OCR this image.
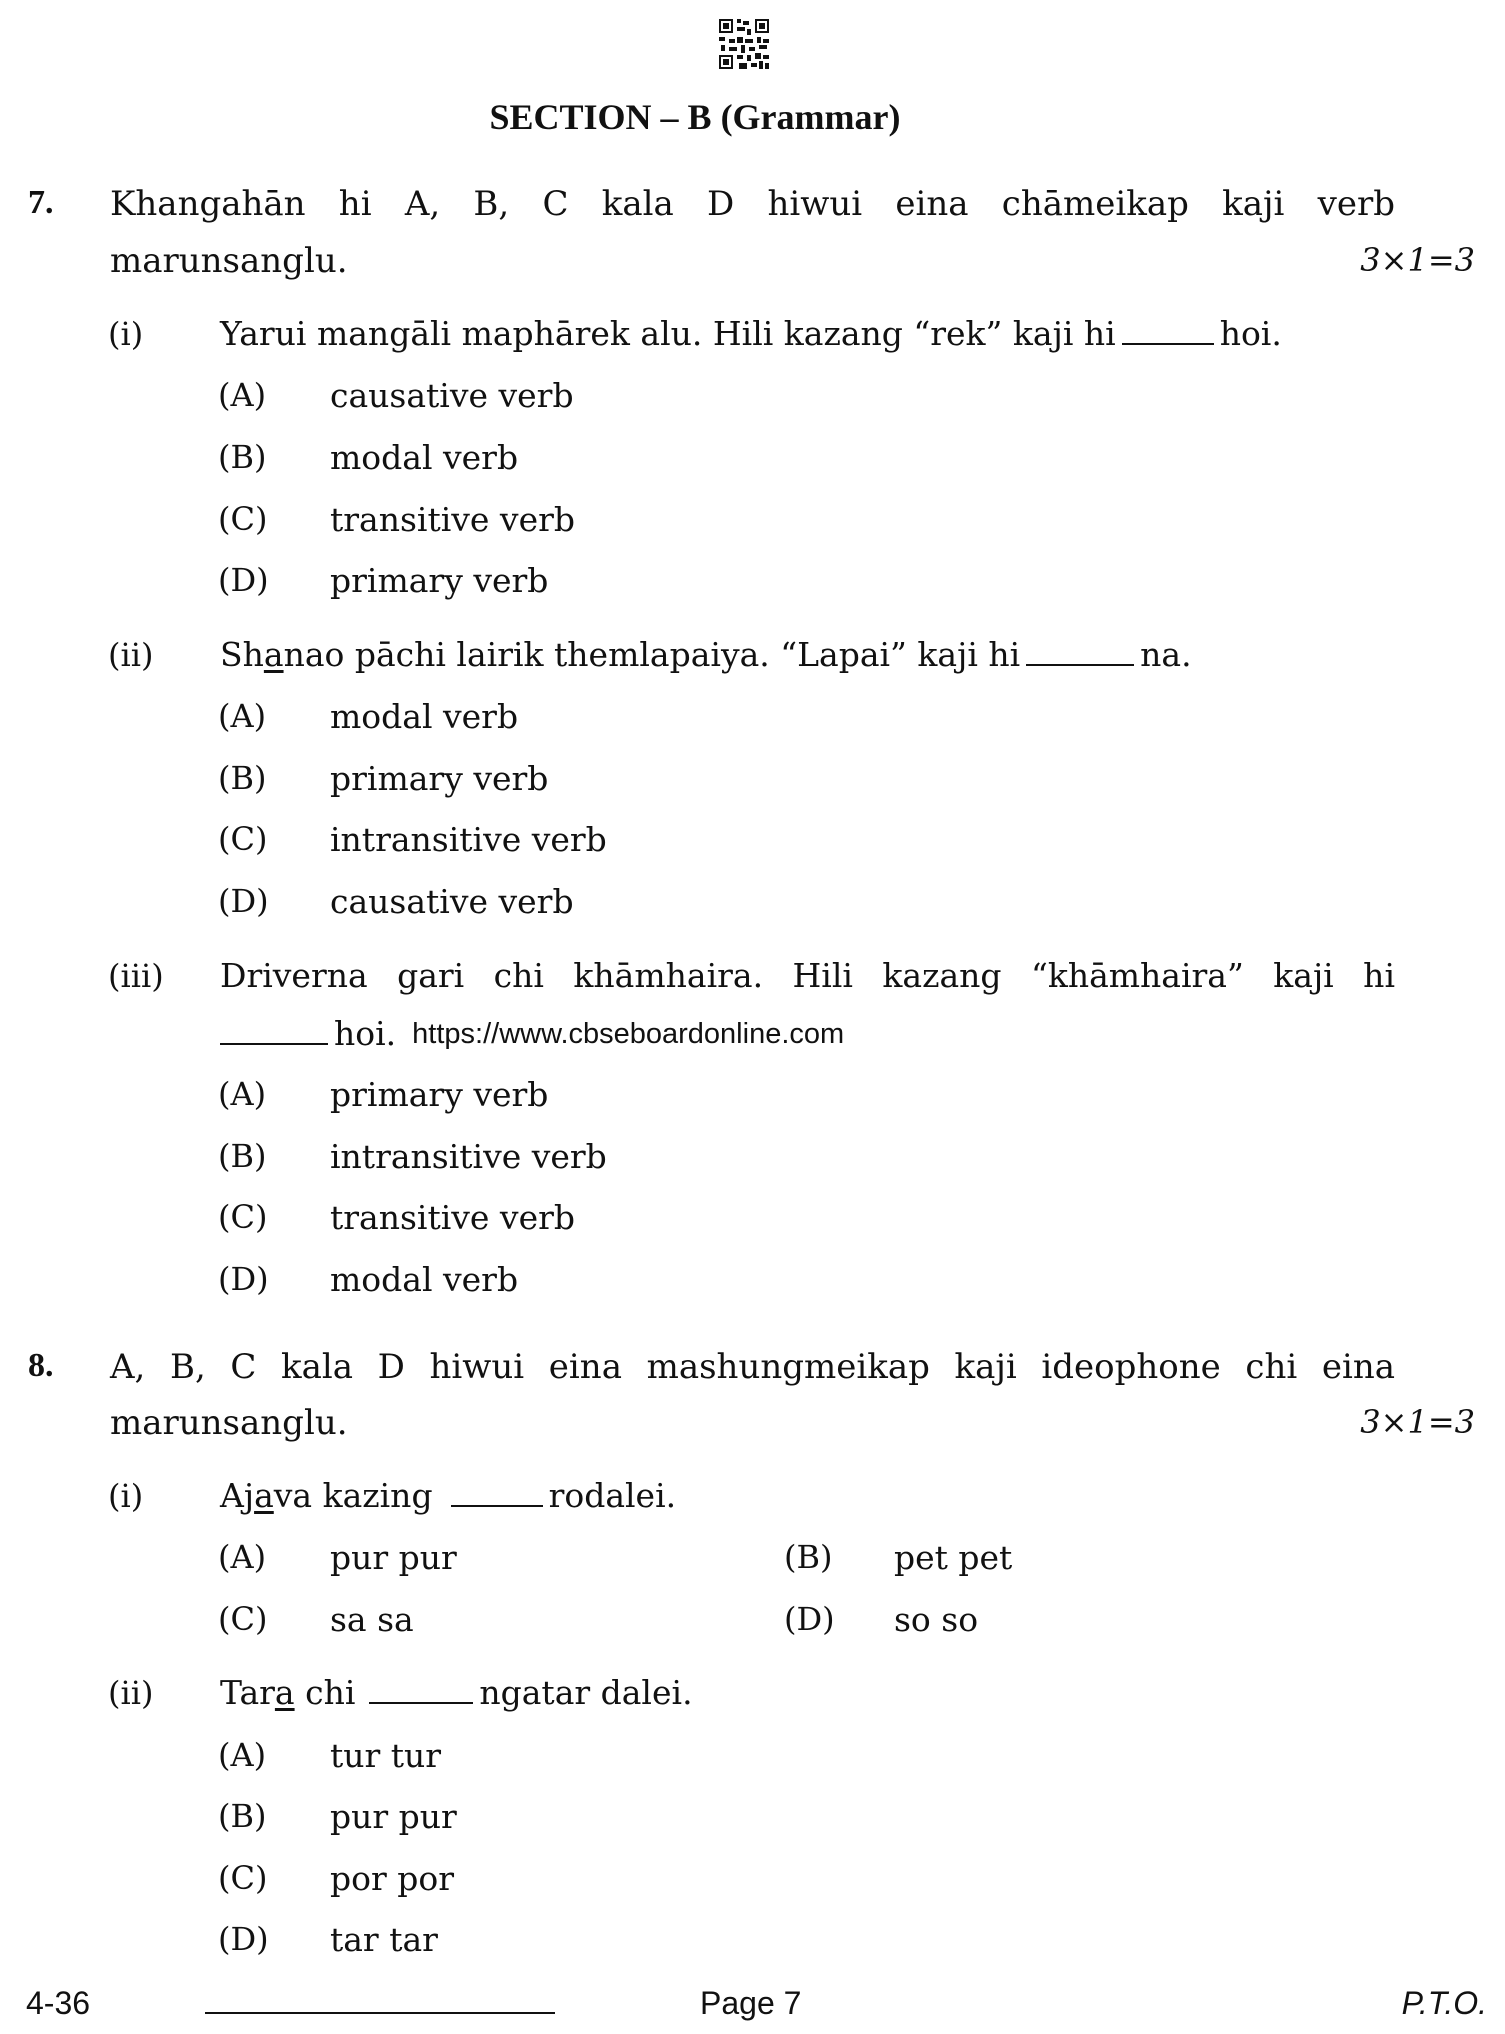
SECTION – B (Grammar)
7. Khangahān hi A, B, C kala D hiwui eina chāmeikap kaji verb
marunsanglu.	3×1=3
(i) Yarui mangāli maphārek alu. Hili kazang “rek” kaji hi	hoi.
(A) causative verb
(B) modal verb
(C) transitive verb
(D) primary verb
(ii) Shanao pāchi lairik themlapaiya. “Lapai” kaji hi	na.
(A) modal verb
(B) primary verb
(C) intransitive verb
(D) causative verb
(iii) Driverna gari chi khāmhaira. Hili kazang “khāmhaira” kaji hi
hoi. https://www.cbseboardonline.com
(A) primary verb
(B) intransitive verb
(C) transitive verb
(D) modal verb
8. A, B, C kala D hiwui eina mashungmeikap kaji ideophone chi eina
marunsanglu.	3×1=3
(i) Ajava kazing	rodalei.
(A) pur pur	(B) pet pet
(C) sa sa	(D) so so
(ii) Tara chi	ngatar dalei.
(A) tur tur
(B) pur pur
(C) por por
(D) tar tar
4-36	Page 7	P.T.O.
